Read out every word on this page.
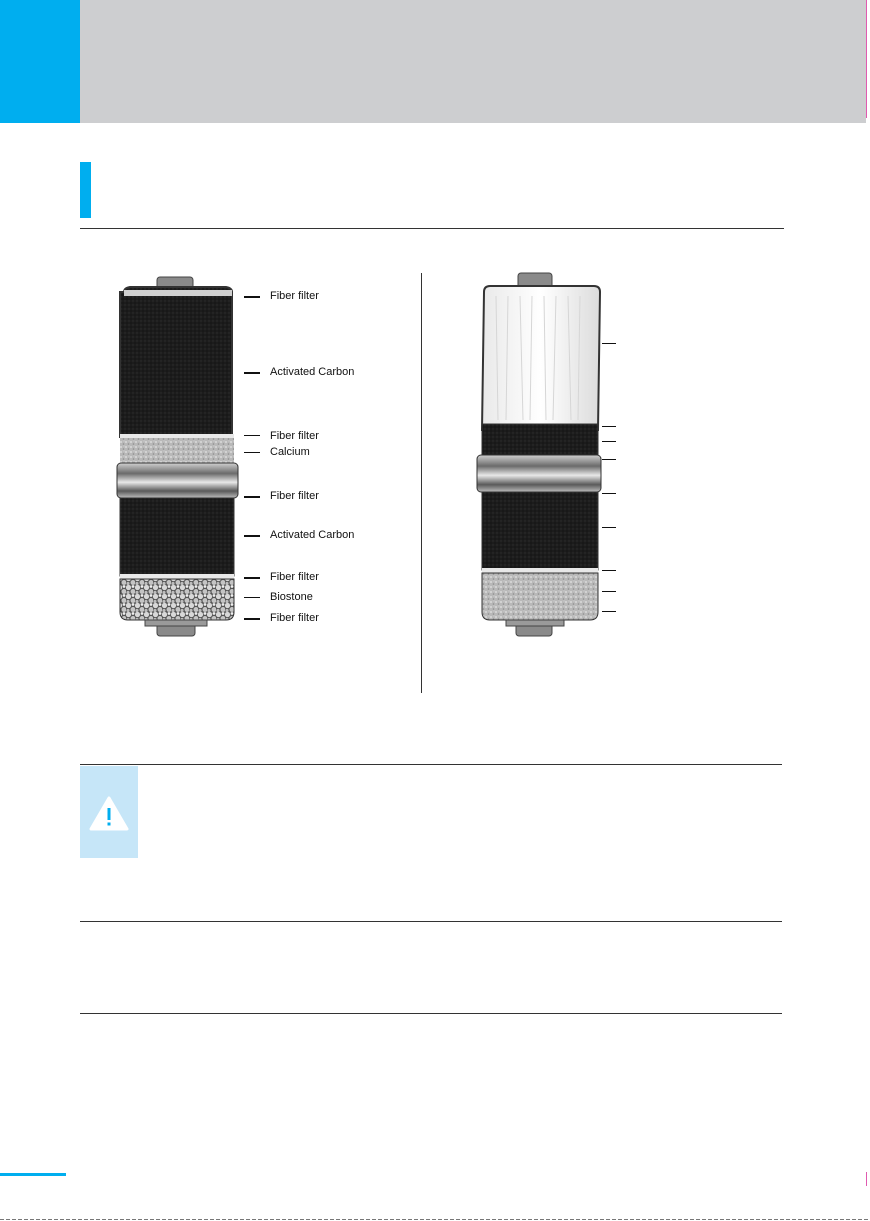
Fiber filter
Activated Carbon
Fiber filter
Calcium
Fiber filter
Activated Carbon
Fiber filter
Biostone
Fiber filter
